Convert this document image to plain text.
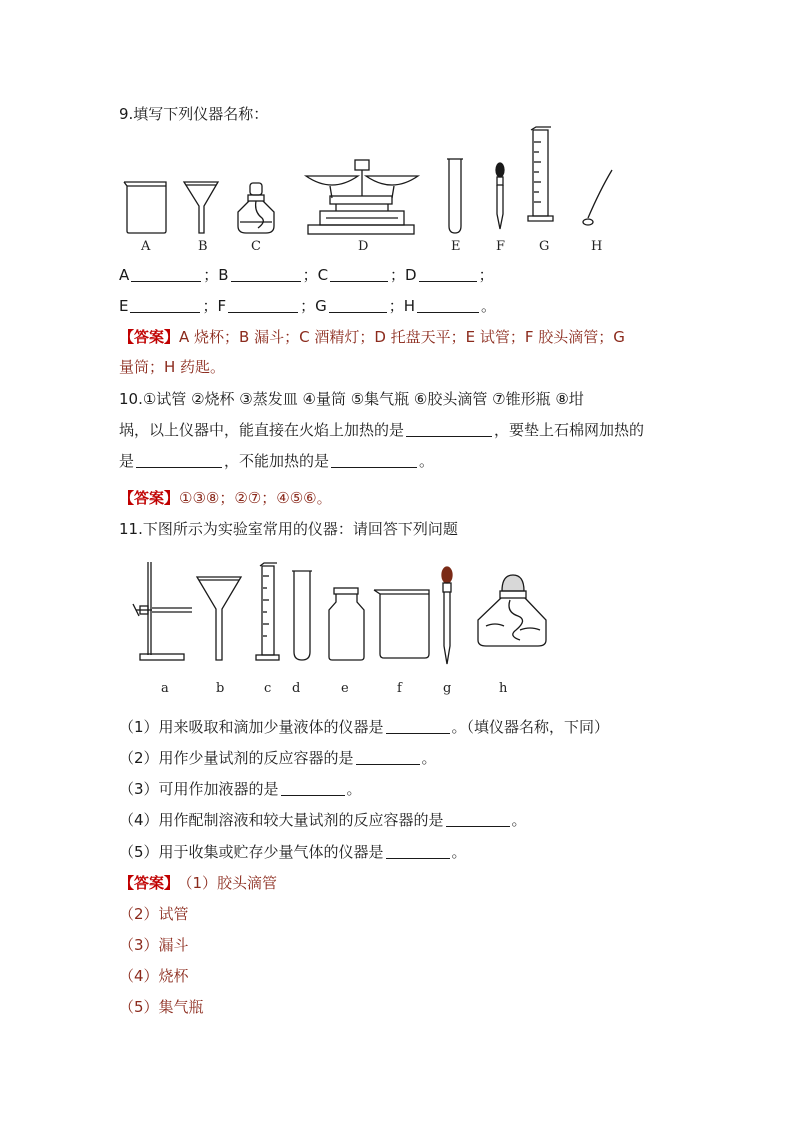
9.填写下列仪器名称：
A	B	C	D	E	F	G	H
A	；B	；C	；D	；
E	；F	；G	；H	。
【答案】A 烧杯；B 漏斗；C 酒精灯；D 托盘天平；E 试管；F 胶头滴管；G
量筒；H 药匙。
10.①试管 ②烧杯 ③蒸发皿 ④量筒 ⑤集气瓶 ⑥胶头滴管 ⑦锥形瓶 ⑧坩
埚，以上仪器中，能直接在火焰上加热的是	，要垫上石棉网加热的
是	，不能加热的是	。
【答案】①③⑧；②⑦；④⑤⑥。
11.下图所示为实验室常用的仪器：请回答下列问题
a	b	c d	e	f	g	h
（1）用来吸取和滴加少量液体的仪器是	。（填仪器名称，下同）
（2）用作少量试剂的反应容器的是	。
（3）可用作加液器的是	。
（4）用作配制溶液和较大量试剂的反应容器的是	。
（5）用于收集或贮存少量气体的仪器是	。
【答案】 （1）胶头滴管
（2）试管
（3）漏斗
（4）烧杯
（5）集气瓶
